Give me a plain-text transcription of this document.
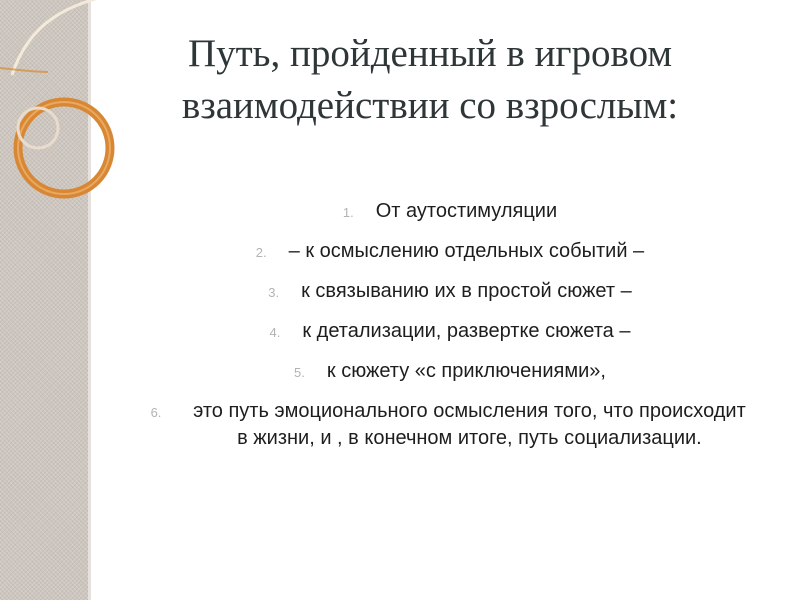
Путь, пройденный в игровом взаимодействии со взрослым:
1. От аутостимуляции
2. – к осмыслению отдельных событий –
3. к связыванию их в простой сюжет –
4. к детализации, развертке сюжета –
5. к сюжету «с приключениями»,
6. это путь эмоционального осмысления того, что происходит в жизни, и , в конечном итоге, путь социализации.
